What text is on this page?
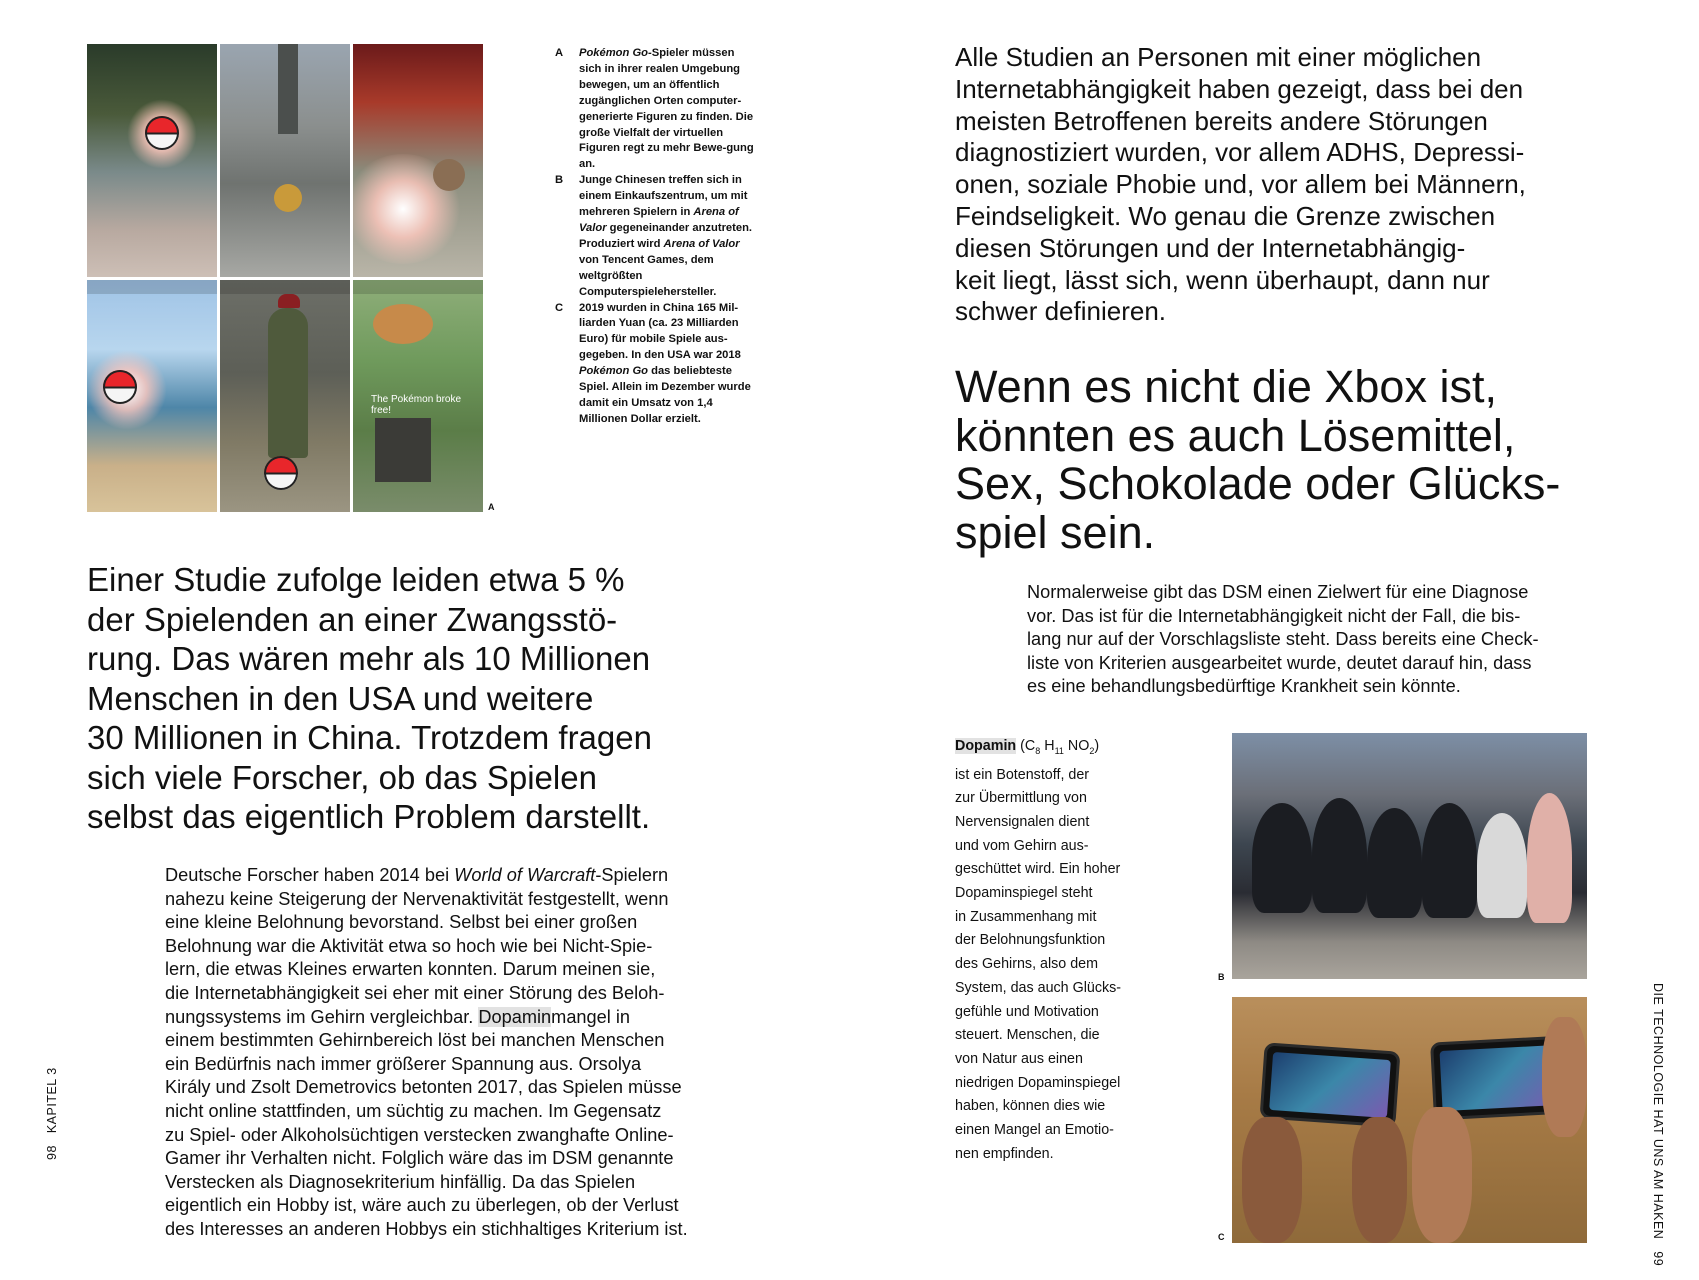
The Pokémon broke free!
A

A Pokémon Go-Spieler müssen sich in ihrer realen Umgebung bewegen, um an öffentlich zugänglichen Orten computer-generierte Figuren zu finden. Die große Vielfalt der virtuellen Figuren regt zu mehr Bewe-gung an.

B Junge Chinesen treffen sich in einem Einkaufszentrum, um mit mehreren Spielern in Arena of Valor gegeneinander anzutreten. Produziert wird Arena of Valor von Tencent Games, dem weltgrößten Computerspielehersteller.

C 2019 wurden in China 165 Mil-liarden Yuan (ca. 23 Milliarden Euro) für mobile Spiele aus-gegeben. In den USA war 2018 Pokémon Go das beliebteste Spiel. Allein im Dezember wurde damit ein Umsatz von 1,4 Millionen Dollar erzielt.

Einer Studie zufolge leiden etwa 5 %
der Spielenden an einer Zwangsstö-
rung. Das wären mehr als 10 Millionen
Menschen in den USA und weitere
30 Millionen in China. Trotzdem fragen
sich viele Forscher, ob das Spielen
selbst das eigentlich Problem darstellt.
Deutsche Forscher haben 2014 bei World of Warcraft-Spielern
nahezu keine Steigerung der Nervenaktivität festgestellt, wenn
eine kleine Belohnung bevorstand. Selbst bei einer großen
Belohnung war die Aktivität etwa so hoch wie bei Nicht-Spie-
lern, die etwas Kleines erwarten konnten. Darum meinen sie,
die Internetabhängigkeit sei eher mit einer Störung des Beloh-
nungssystems im Gehirn vergleichbar. Dopaminmangel in
einem bestimmten Gehirnbereich löst bei manchen Menschen
ein Bedürfnis nach immer größerer Spannung aus. Orsolya
Király und Zsolt Demetrovics betonten 2017, das Spielen müsse
nicht online stattfinden, um süchtig zu machen. Im Gegensatz
zu Spiel- oder Alkoholsüchtigen verstecken zwanghafte Online-
Gamer ihr Verhalten nicht. Folglich wäre das im DSM genannte
Verstecken als Diagnosekriterium hinfällig. Da das Spielen
eigentlich ein Hobby ist, wäre auch zu überlegen, ob der Verlust
des Interesses an anderen Hobbys ein stichhaltiges Kriterium ist.
98   KAPITEL 3
Alle Studien an Personen mit einer möglichen
Internetabhängigkeit haben gezeigt, dass bei den
meisten Betroffenen bereits andere Störungen
diagnostiziert wurden, vor allem ADHS, Depressi-
onen, soziale Phobie und, vor allem bei Männern,
Feindseligkeit. Wo genau die Grenze zwischen
diesen Störungen und der Internetabhängig-
keit liegt, lässt sich, wenn überhaupt, dann nur
schwer definieren.
Wenn es nicht die Xbox ist,
könnten es auch Lösemittel,
Sex, Schokolade oder Glücks-
spiel sein.
Normalerweise gibt das DSM einen Zielwert für eine Diagnose
vor. Das ist für die Internetabhängigkeit nicht der Fall, die bis-
lang nur auf der Vorschlagsliste steht. Dass bereits eine Check-
liste von Kriterien ausgearbeitet wurde, deutet darauf hin, dass
es eine behandlungsbedürftige Krankheit sein könnte.
Dopamin ($C_8$ $H_{11}$ $NO_2$)
ist ein Botenstoff, der
zur Übermittlung von
Nervensignalen dient
und vom Gehirn aus-
geschüttet wird. Ein hoher
Dopaminspiegel steht
in Zusammenhang mit
der Belohnungsfunktion
des Gehirns, also dem
System, das auch Glücks-
gefühle und Motivation
steuert. Menschen, die
von Natur aus einen
niedrigen Dopaminspiegel
haben, können dies wie
einen Mangel an Emotio-
nen empfinden.
B
C	DIE TECHNOLOGIE HAT UNS AM HAKEN   99
